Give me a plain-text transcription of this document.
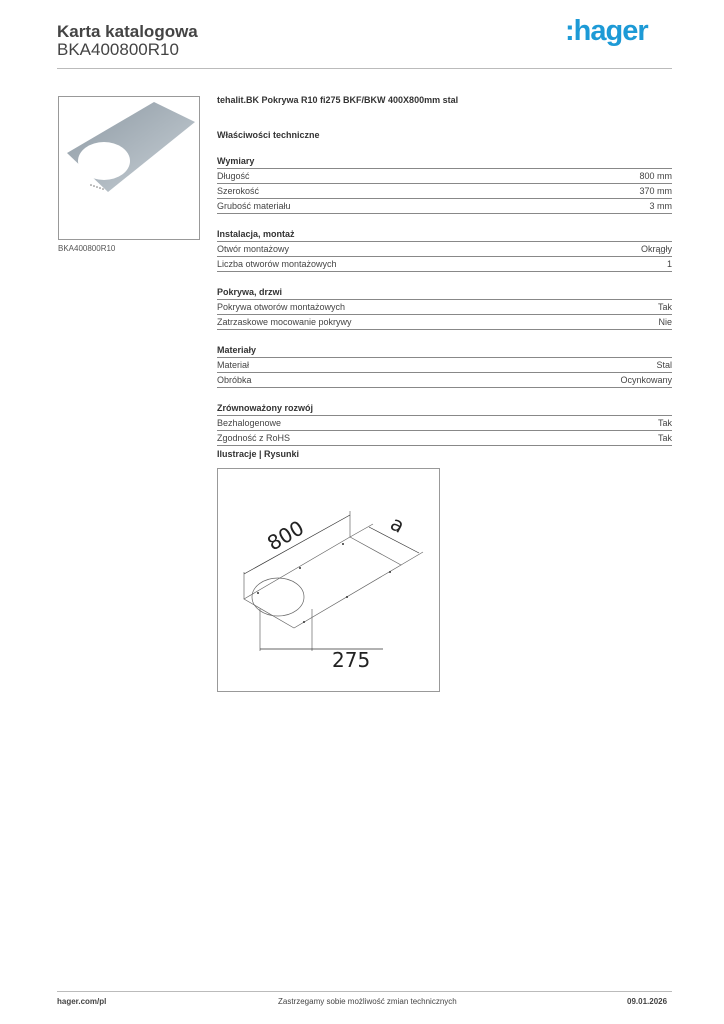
Karta katalogowa
BKA400800R10
:hager
BKA400800R10
tehalit.BK Pokrywa R10 fi275 BKF/BKW 400X800mm stal
Właściwości techniczne
Wymiary
Długość	800 mm
Szerokość	370 mm
Grubość materiału	3 mm
Instalacja, montaż
Otwór montażowy	Okrągły
Liczba otworów montażowych	1
Pokrywa, drzwi
Pokrywa otworów montażowych	Tak
Zatrzaskowe mocowanie pokrywy	Nie
Materiały
Materiał	Stal
Obróbka	Ocynkowany
Zrównoważony rozwój
Bezhalogenowe	Tak
Zgodność z RoHS	Tak
Ilustracje | Rysunki
800	a
275
hager.com/pl	Zastrzegamy sobie możliwość zmian technicznych	09.01.2026
